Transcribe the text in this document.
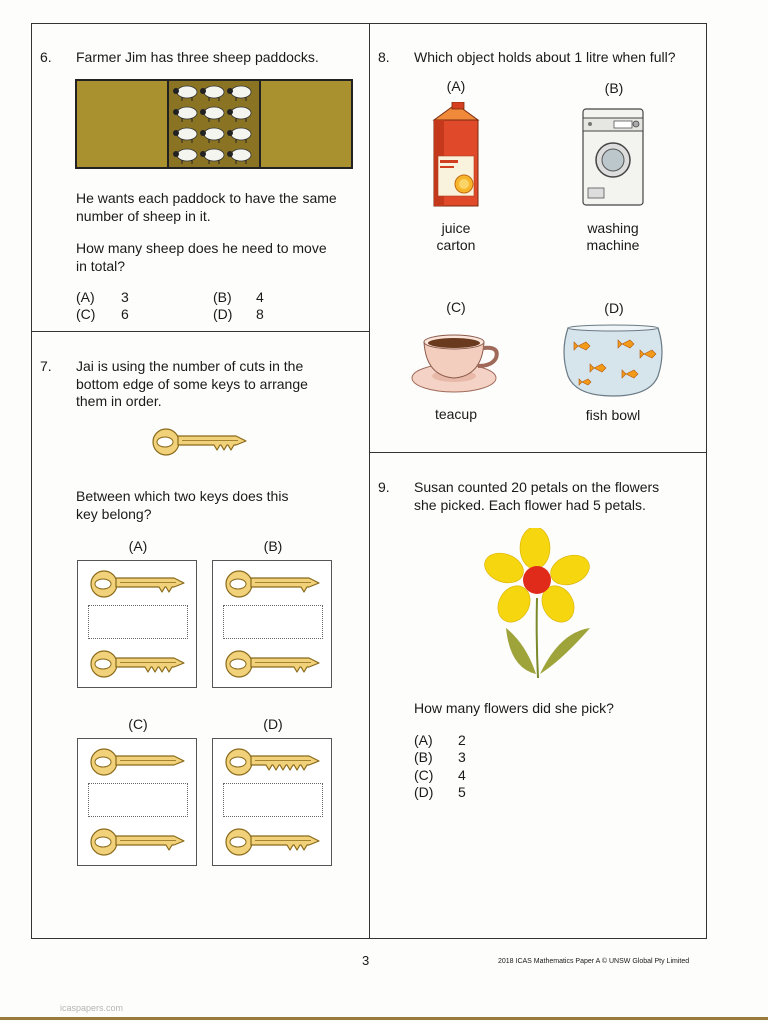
6. Farmer Jim has three sheep paddocks.
He wants each paddock to have the same
number of sheep in it.
How many sheep does he need to move
in total?
(A) 3	(B) 4
(C) 6	(D) 8
7. Jai is using the number of cuts in the
bottom edge of some keys to arrange
them in order.
Between which two keys does this
key belong?
(A)	(B)
(C)	(D)
8. Which object holds about 1 litre when full?
(A)	(B)
(C)	(D)
juice
carton
washing
machine
teacup	fish bowl
9. Susan counted 20 petals on the flowers
she picked. Each flower had 5 petals.
How many flowers did she pick?
(A) 2
(B) 3
(C) 4
(D) 5
3	2018 ICAS Mathematics Paper A © UNSW Global Pty Limited
icaspapers.com
